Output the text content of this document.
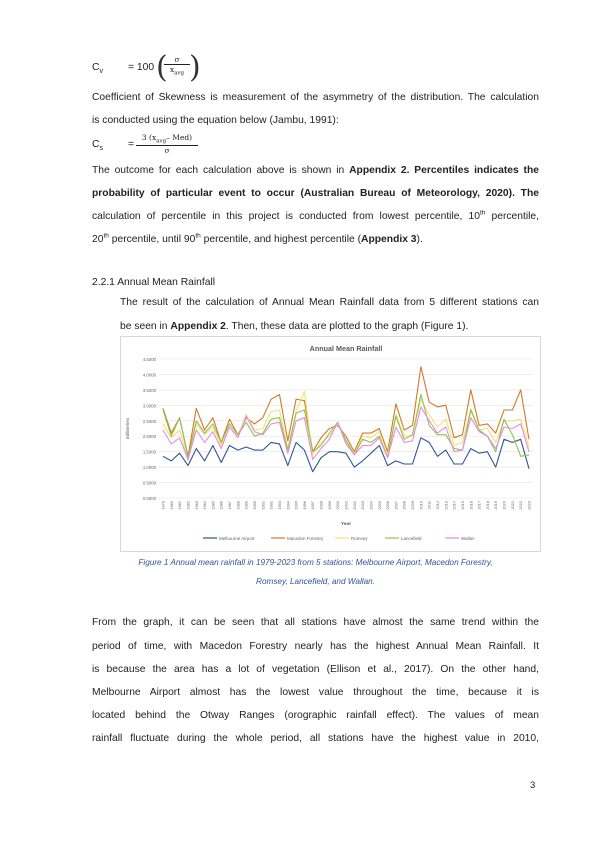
$C_v = 100$ ( σ
$x_{avg}$ )
Coefficient of Skewness is measurement of the asymmetry of the distribution. The calculation
is conducted using the equation below (Jambu, 1991):
$C_s$ =
3 ($x_{avg}-$ Med)
σ
The outcome for each calculation above is shown in Appendix 2. Percentiles indicates the
probability of particular event to occur (Australian Bureau of Meteorology, 2020). The
calculation of percentile in this project is conducted from lowest percentile, 10th percentile,
20th percentile, until 90th percentile, and highest percentile (Appendix 3).
2.2.1 Annual Mean Rainfall
The result of the calculation of Annual Mean Rainfall data from 5 different stations can
be seen in Appendix 2. Then, these data are plotted to the graph (Figure 1).
Annual Mean Rainfall
0.0000
0.5000
1.0000
1.5000
2.0000
2.5000
3.0000
3.5000
4.0000
4.5000
millimetres
1979 1980 1981 1982 1983 1984 1985 1986 1987 1988 1989 1990 1991 1992 1993 1994 1995 1996 1997 1998 1999 2000 2001 2002 2003 2004 2005 2006 2007 2008 2009 2010 2011 2012 2013 2014 2015 2016 2017 2018 2019 2020 2021 2022 2023
Year
Melbourne Airport	Macedon Forestry	Romsey	Lancefield	Wallan
Figure 1 Annual mean rainfall in 1979-2023 from 5 stations: Melbourne Airport, Macedon Forestry,
Romsey, Lancefield, and Wallan.
From the graph, it can be seen that all stations have almost the same trend within the
period of time, with Macedon Forestry nearly has the highest Annual Mean Rainfall. It
is because the area has a lot of vegetation (Ellison et al., 2017). On the other hand,
Melbourne Airport almost has the lowest value throughout the time, because it is
located behind the Otway Ranges (orographic rainfall effect). The values of mean
rainfall fluctuate during the whole period, all stations have the highest value in 2010,
3
